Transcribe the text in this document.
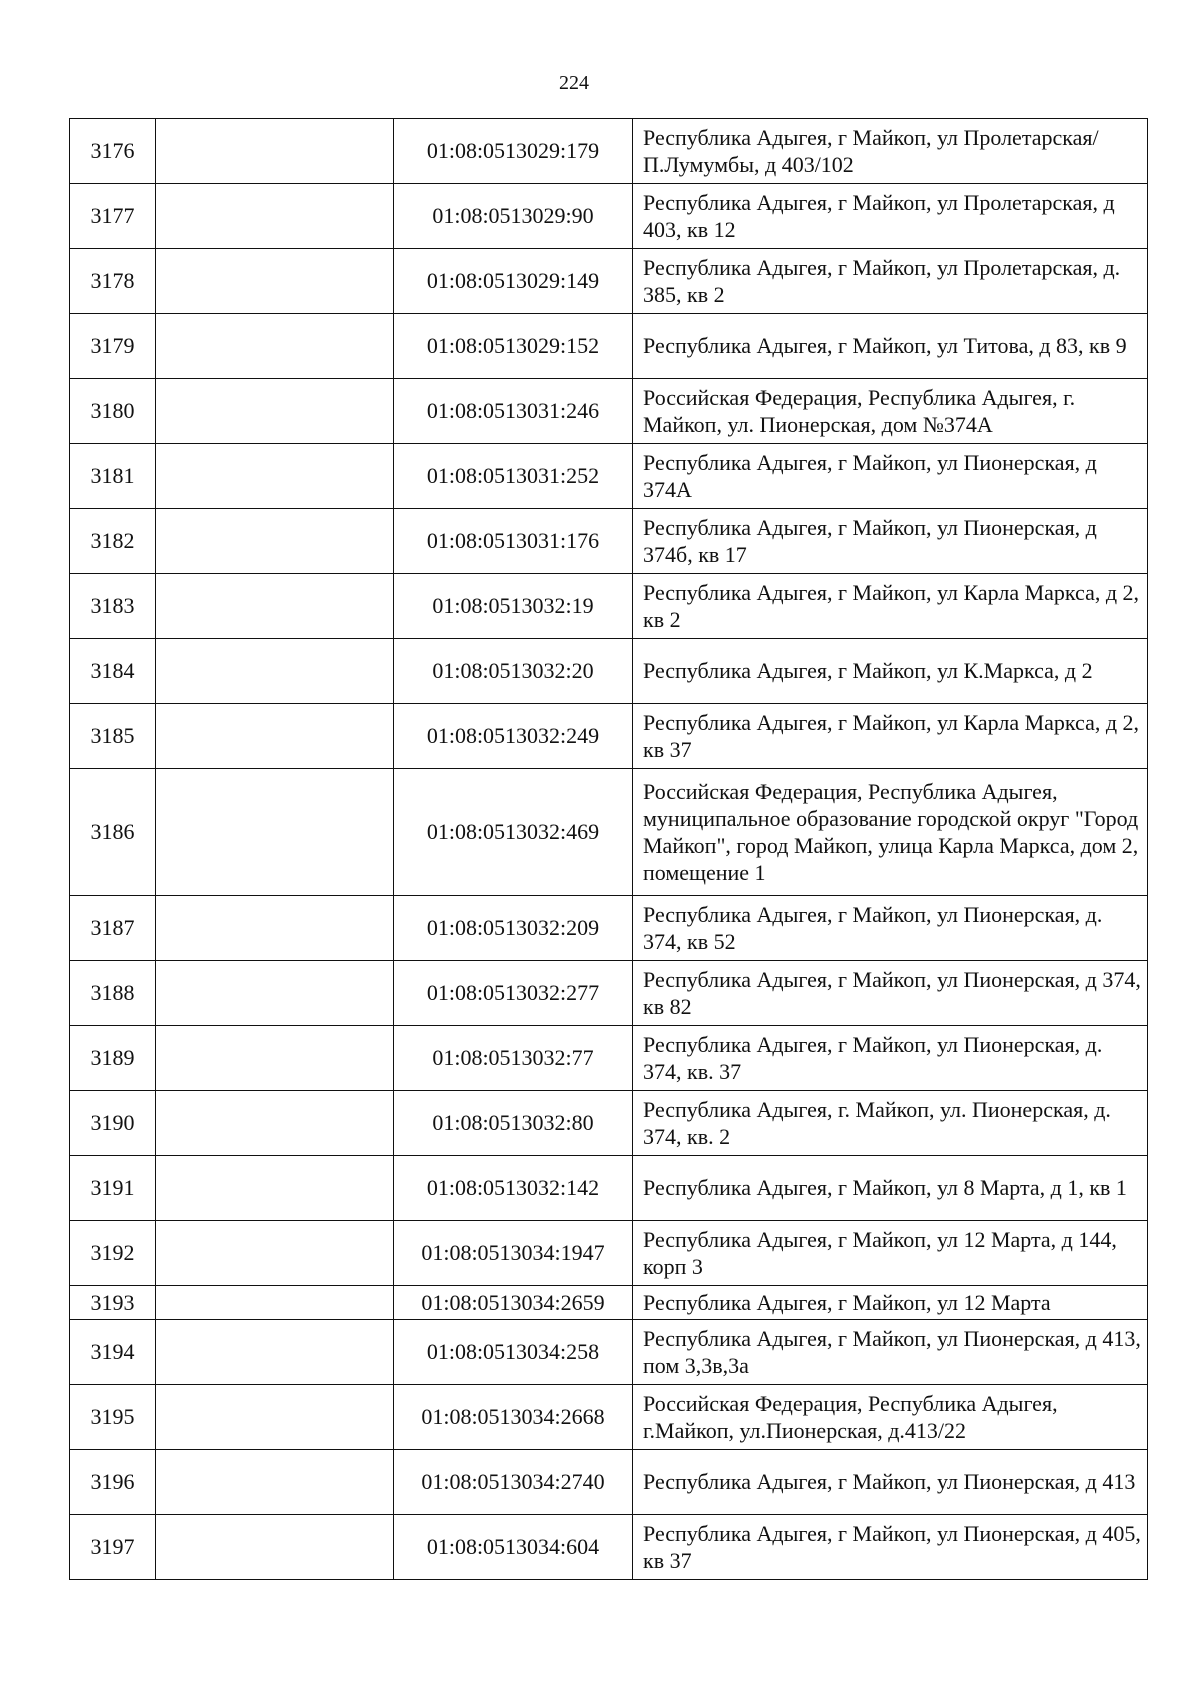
224
3176		01:08:0513029:179	Республика Адыгея, г Майкоп, ул Пролетарская/П.Лумумбы, д 403/102
3177		01:08:0513029:90	Республика Адыгея, г Майкоп, ул Пролетарская, д 403, кв 12
3178		01:08:0513029:149	Республика Адыгея, г Майкоп, ул Пролетарская, д. 385, кв 2
3179		01:08:0513029:152	Республика Адыгея, г Майкоп, ул Титова, д 83, кв 9
3180		01:08:0513031:246	Российская Федерация, Республика Адыгея, г. Майкоп, ул. Пионерская, дом №374А
3181		01:08:0513031:252	Республика Адыгея, г Майкоп, ул Пионерская, д 374А
3182		01:08:0513031:176	Республика Адыгея, г Майкоп, ул Пионерская, д 374б, кв 17
3183		01:08:0513032:19	Республика Адыгея, г Майкоп, ул Карла Маркса, д 2, кв 2
3184		01:08:0513032:20	Республика Адыгея, г Майкоп, ул К.Маркса, д 2
3185		01:08:0513032:249	Республика Адыгея, г Майкоп, ул Карла Маркса, д 2, кв 37
3186		01:08:0513032:469	Российская Федерация, Республика Адыгея, муниципальное образование городской округ "Город Майкоп", город Майкоп, улица Карла Маркса, дом 2, помещение 1
3187		01:08:0513032:209	Республика Адыгея, г Майкоп, ул Пионерская, д. 374, кв 52
3188		01:08:0513032:277	Республика Адыгея, г Майкоп, ул Пионерская, д 374, кв 82
3189		01:08:0513032:77	Республика Адыгея, г Майкоп, ул Пионерская, д. 374, кв. 37
3190		01:08:0513032:80	Республика Адыгея, г. Майкоп, ул. Пионерская, д. 374, кв. 2
3191		01:08:0513032:142	Республика Адыгея, г Майкоп, ул 8 Марта, д 1, кв 1
3192		01:08:0513034:1947	Республика Адыгея, г Майкоп, ул 12 Марта, д 144, корп 3
3193		01:08:0513034:2659	Республика Адыгея, г Майкоп, ул 12 Марта
3194		01:08:0513034:258	Республика Адыгея, г Майкоп, ул Пионерская, д 413, пом 3,3в,3а
3195		01:08:0513034:2668	Российская Федерация, Республика Адыгея, г.Майкоп, ул.Пионерская, д.413/22
3196		01:08:0513034:2740	Республика Адыгея, г Майкоп, ул Пионерская, д 413
3197		01:08:0513034:604	Республика Адыгея, г Майкоп, ул Пионерская, д 405, кв 37
